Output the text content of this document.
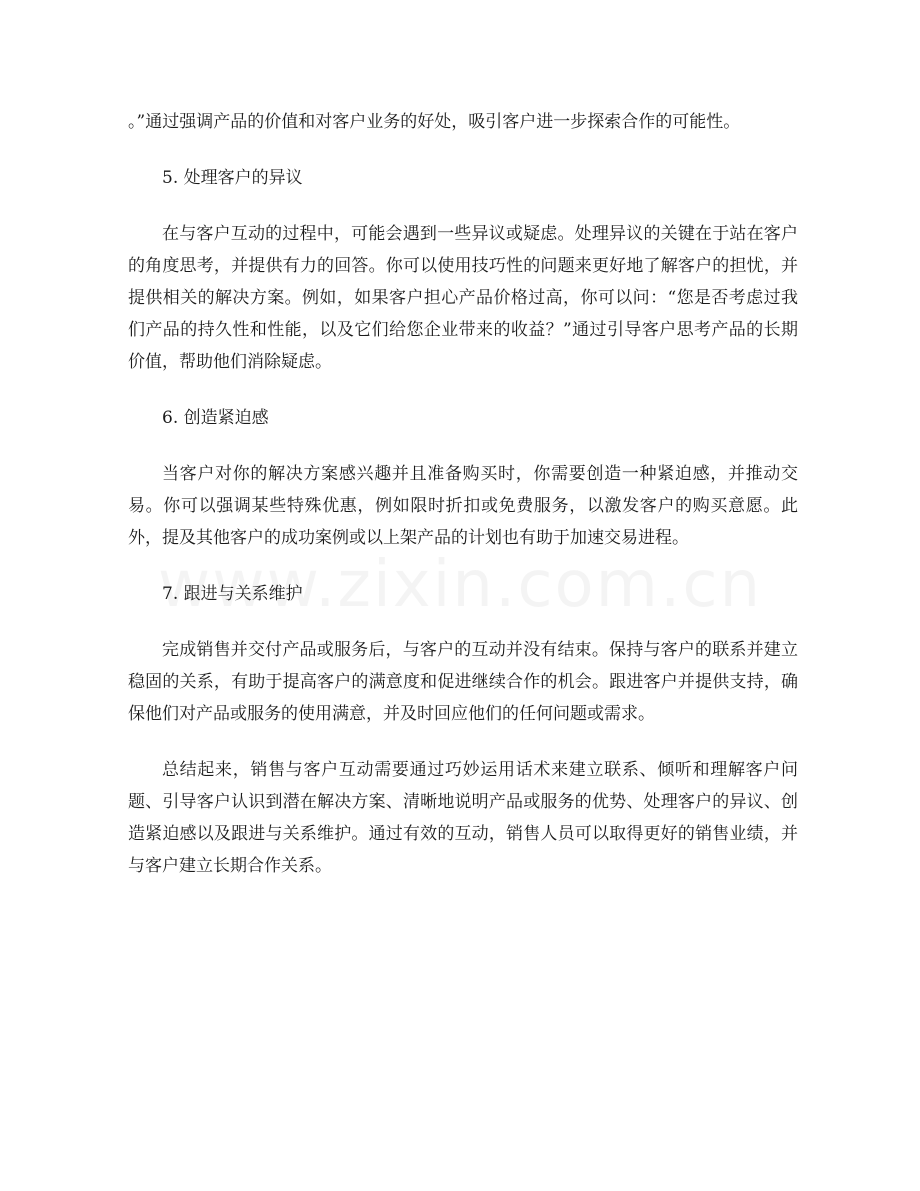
。”通过强调产品的价值和对客户业务的好处，吸引客户进一步探索合作的可能性。

5. 处理客户的异议

在与客户互动的过程中，可能会遇到一些异议或疑虑。处理异议的关键在于站在客户的角度思考，并提供有力的回答。你可以使用技巧性的问题来更好地了解客户的担忧，并提供相关的解决方案。例如，如果客户担心产品价格过高，你可以问：“您是否考虑过我们产品的持久性和性能，以及它们给您企业带来的收益？”通过引导客户思考产品的长期价值，帮助他们消除疑虑。

6. 创造紧迫感

当客户对你的解决方案感兴趣并且准备购买时，你需要创造一种紧迫感，并推动交易。你可以强调某些特殊优惠，例如限时折扣或免费服务，以激发客户的购买意愿。此外，提及其他客户的成功案例或以上架产品的计划也有助于加速交易进程。

7. 跟进与关系维护

完成销售并交付产品或服务后，与客户的互动并没有结束。保持与客户的联系并建立稳固的关系，有助于提高客户的满意度和促进继续合作的机会。跟进客户并提供支持，确保他们对产品或服务的使用满意，并及时回应他们的任何问题或需求。

总结起来，销售与客户互动需要通过巧妙运用话术来建立联系、倾听和理解客户问题、引导客户认识到潜在解决方案、清晰地说明产品或服务的优势、处理客户的异议、创造紧迫感以及跟进与关系维护。通过有效的互动，销售人员可以取得更好的销售业绩，并与客户建立长期合作关系。
